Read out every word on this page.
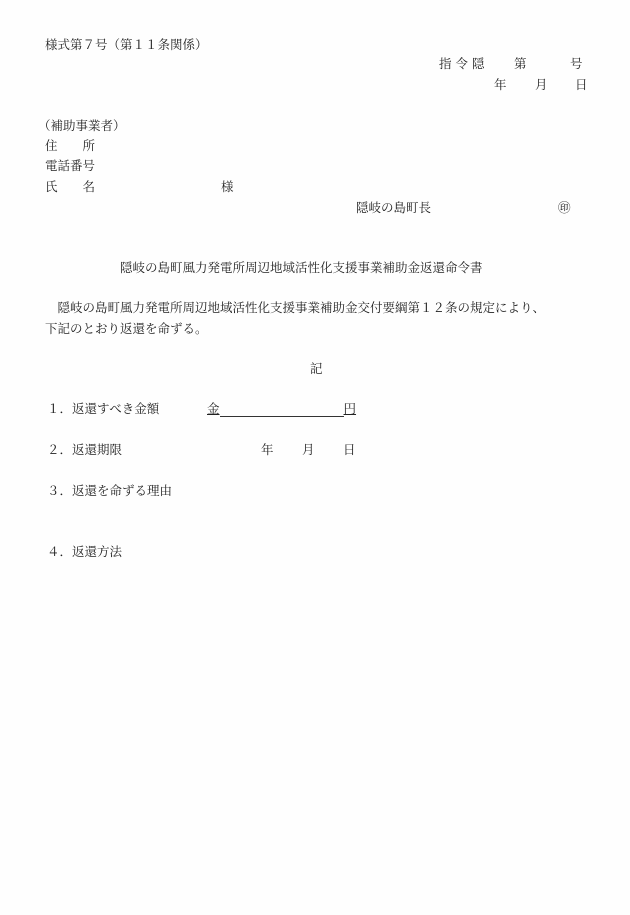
様式第７号（第１１条関係）
指 令 隠 第	号
年 月 日
（補助事業者）
住　　所
電話番号
氏　　名	様
隠岐の島町長	㊞
隠岐の島町風力発電所周辺地域活性化支援事業補助金返還命令書
　隠岐の島町風力発電所周辺地域活性化支援事業補助金交付要綱第１２条の規定により、
下記のとおり返還を命ずる。
記
１． 返還すべき金額	金	円
２． 返還期限	年 月 日
３． 返還を命ずる理由
４． 返還方法
